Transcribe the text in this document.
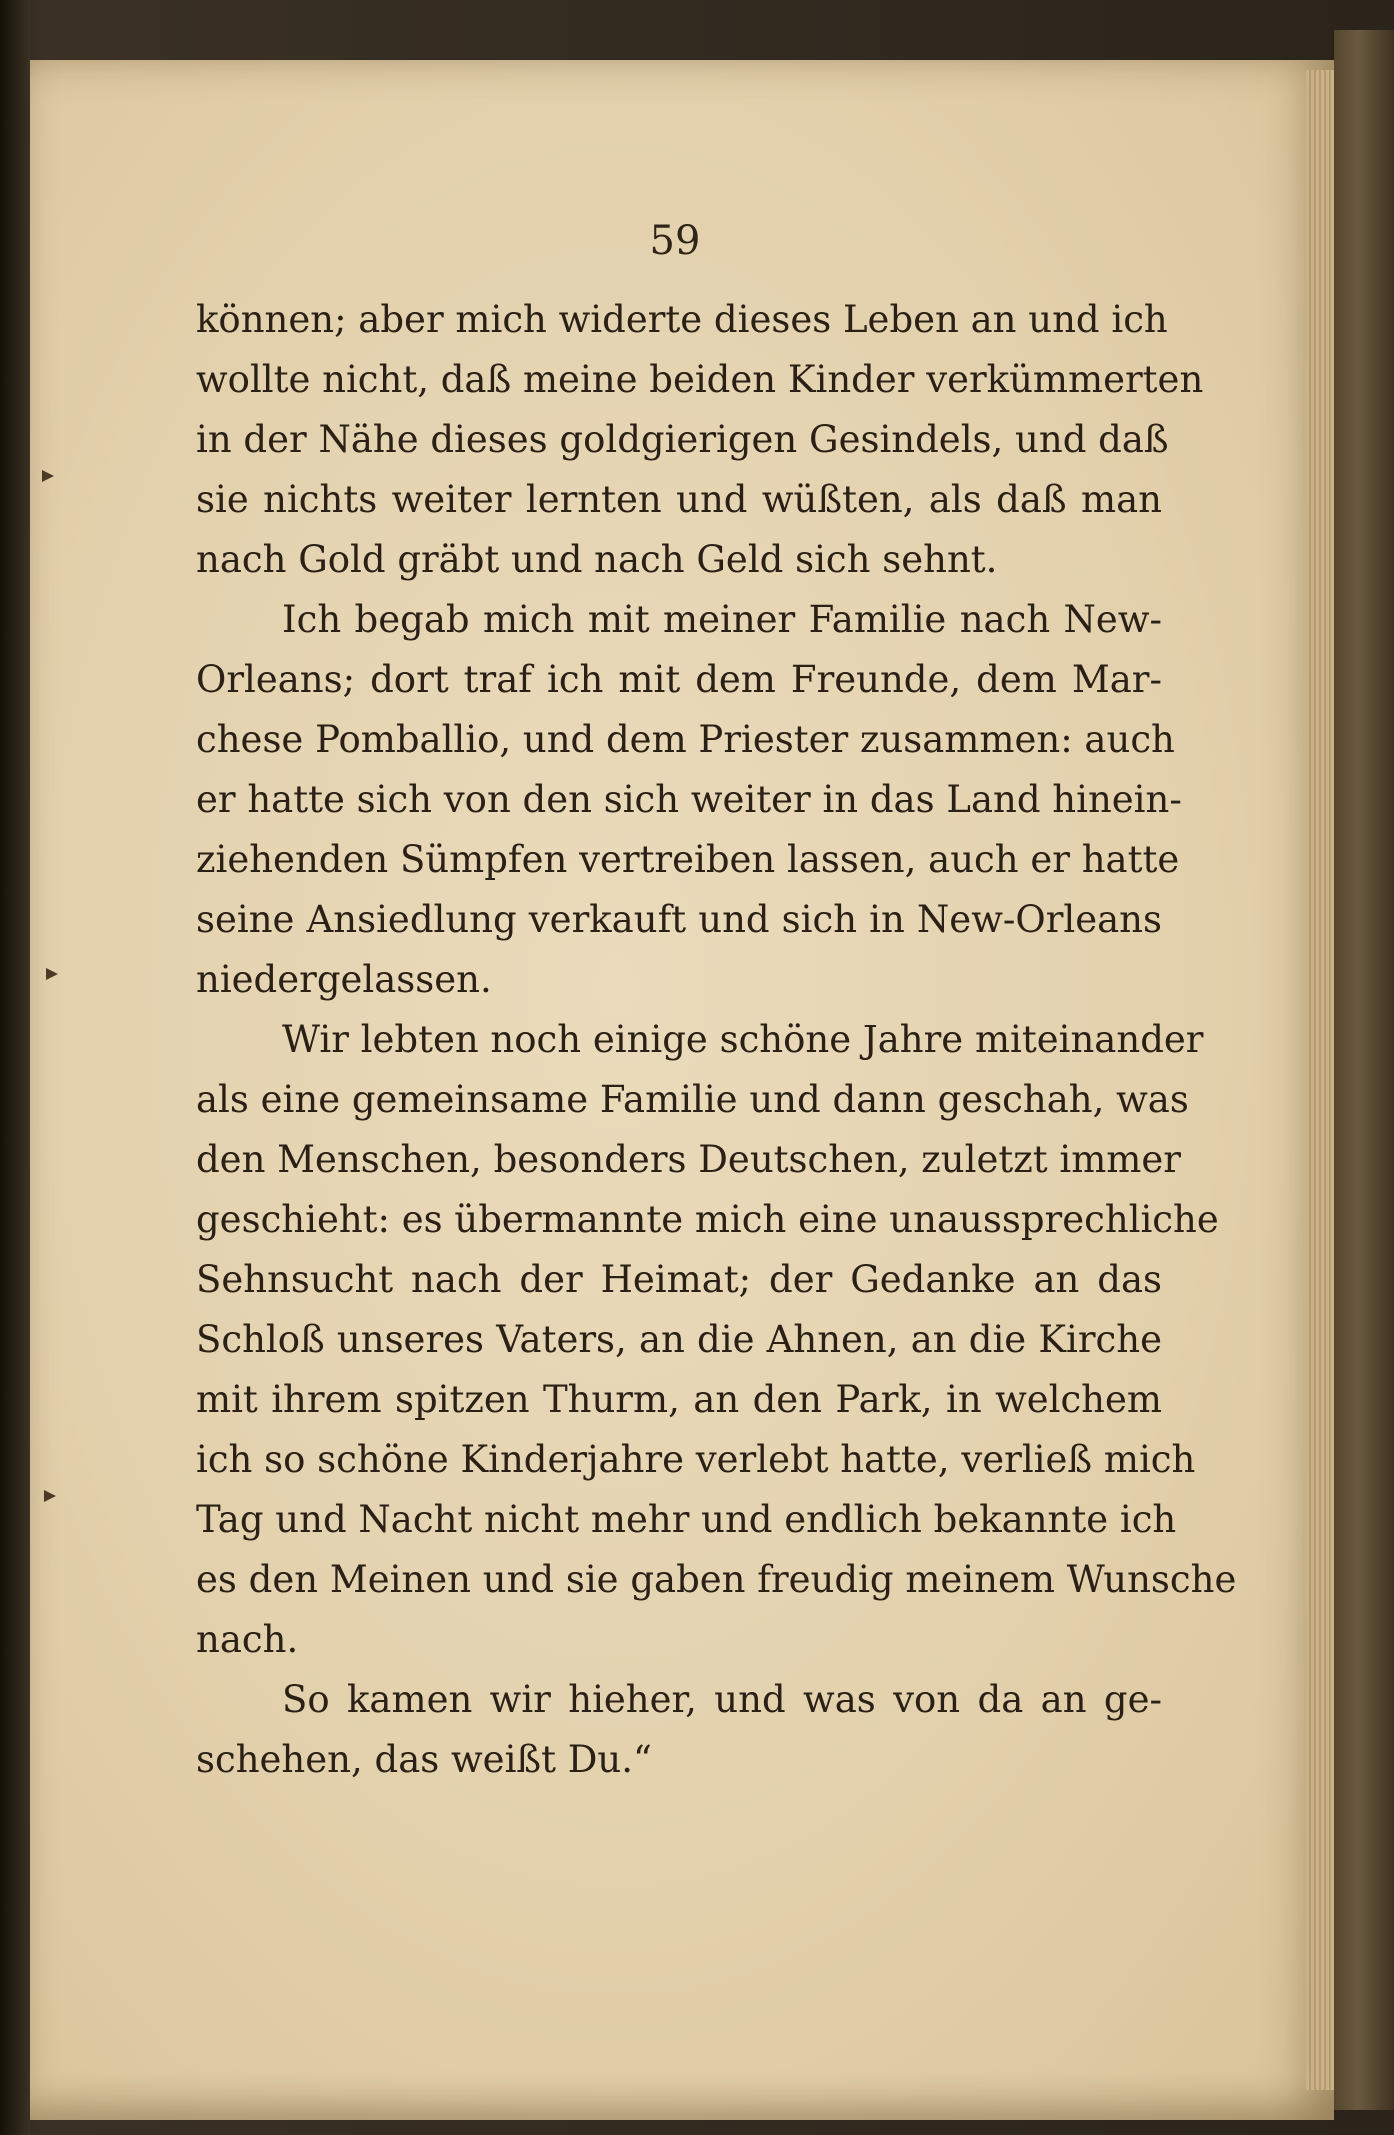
59

können; aber mich widerte dieses Leben an und ich
wollte nicht, daß meine beiden Kinder verkümmerten
in der Nähe dieses goldgierigen Gesindels, und daß
sie nichts weiter lernten und wüßten, als daß man
nach Gold gräbt und nach Geld sich sehnt.

Ich begab mich mit meiner Familie nach New-
Orleans; dort traf ich mit dem Freunde, dem Mar-
chese Pomballio, und dem Priester zusammen: auch
er hatte sich von den sich weiter in das Land hinein-
ziehenden Sümpfen vertreiben lassen, auch er hatte
seine Ansiedlung verkauft und sich in New-Orleans
niedergelassen.

Wir lebten noch einige schöne Jahre miteinander
als eine gemeinsame Familie und dann geschah, was
den Menschen, besonders Deutschen, zuletzt immer
geschieht: es übermannte mich eine unaussprechliche
Sehnsucht nach der Heimat; der Gedanke an das
Schloß unseres Vaters, an die Ahnen, an die Kirche
mit ihrem spitzen Thurm, an den Park, in welchem
ich so schöne Kinderjahre verlebt hatte, verließ mich
Tag und Nacht nicht mehr und endlich bekannte ich
es den Meinen und sie gaben freudig meinem Wunsche
nach.

So kamen wir hieher, und was von da an ge-
schehen, das weißt Du.“
